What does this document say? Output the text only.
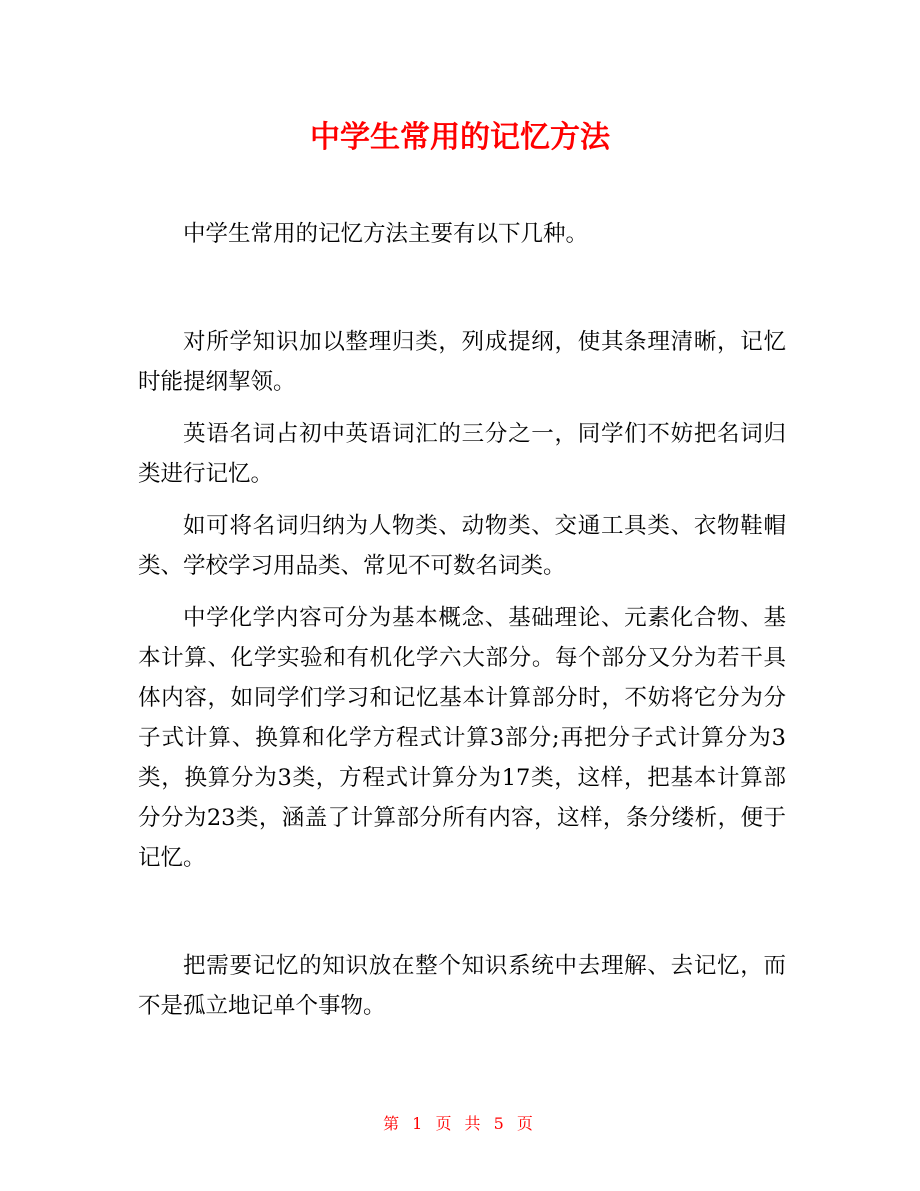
中学生常用的记忆方法

中学生常用的记忆方法主要有以下几种。

对所学知识加以整理归类，列成提纲，使其条理清晰，记忆时能提纲挈领。

英语名词占初中英语词汇的三分之一，同学们不妨把名词归类进行记忆。

如可将名词归纳为人物类、动物类、交通工具类、衣物鞋帽类、学校学习用品类、常见不可数名词类。

中学化学内容可分为基本概念、基础理论、元素化合物、基本计算、化学实验和有机化学六大部分。每个部分又分为若干具体内容，如同学们学习和记忆基本计算部分时，不妨将它分为分子式计算、换算和化学方程式计算3部分;再把分子式计算分为3类，换算分为3类，方程式计算分为17类，这样，把基本计算部分分为23类，涵盖了计算部分所有内容，这样，条分缕析，便于记忆。

把需要记忆的知识放在整个知识系统中去理解、去记忆，而不是孤立地记单个事物。

第 1 页 共 5 页
